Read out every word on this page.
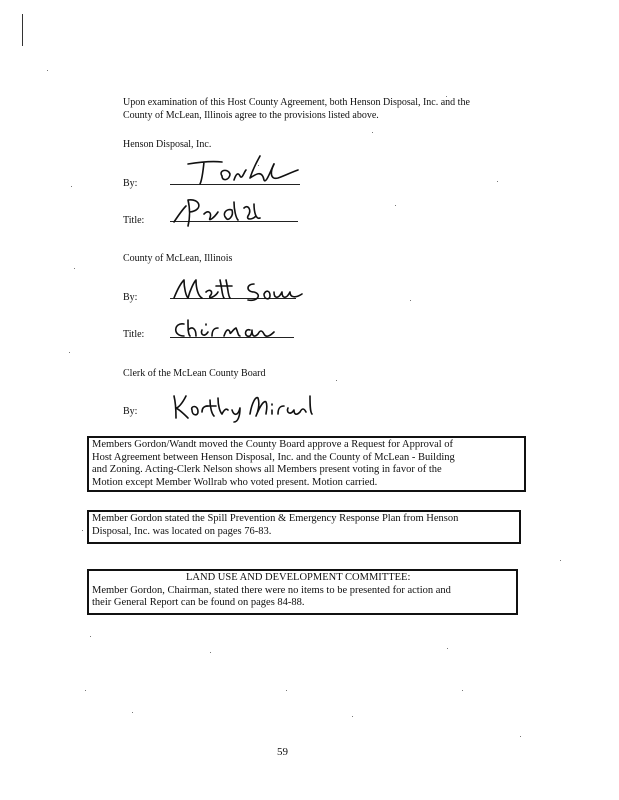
Upon examination of this Host County Agreement, both Henson Disposal, Inc. and the
County of McLean, Illinois agree to the provisions listed above.
Henson Disposal, Inc.
By:
Title:
County of McLean, Illinois
By:
Title:
Clerk of the McLean County Board
By:

Members Gordon/Wandt moved the County Board approve a Request for Approval of

Host Agreement between Henson Disposal, Inc. and the County of McLean - Building

and Zoning. Acting-Clerk Nelson shows all Members present voting in favor of the

Motion except Member Wollrab who voted present. Motion carried.

Member Gordon stated the Spill Prevention & Emergency Response Plan from Henson

Disposal, Inc. was located on pages 76-83.

LAND USE AND DEVELOPMENT COMMITTEE:

Member Gordon, Chairman, stated there were no items to be presented for action and

their General Report can be found on pages 84-88.

59
